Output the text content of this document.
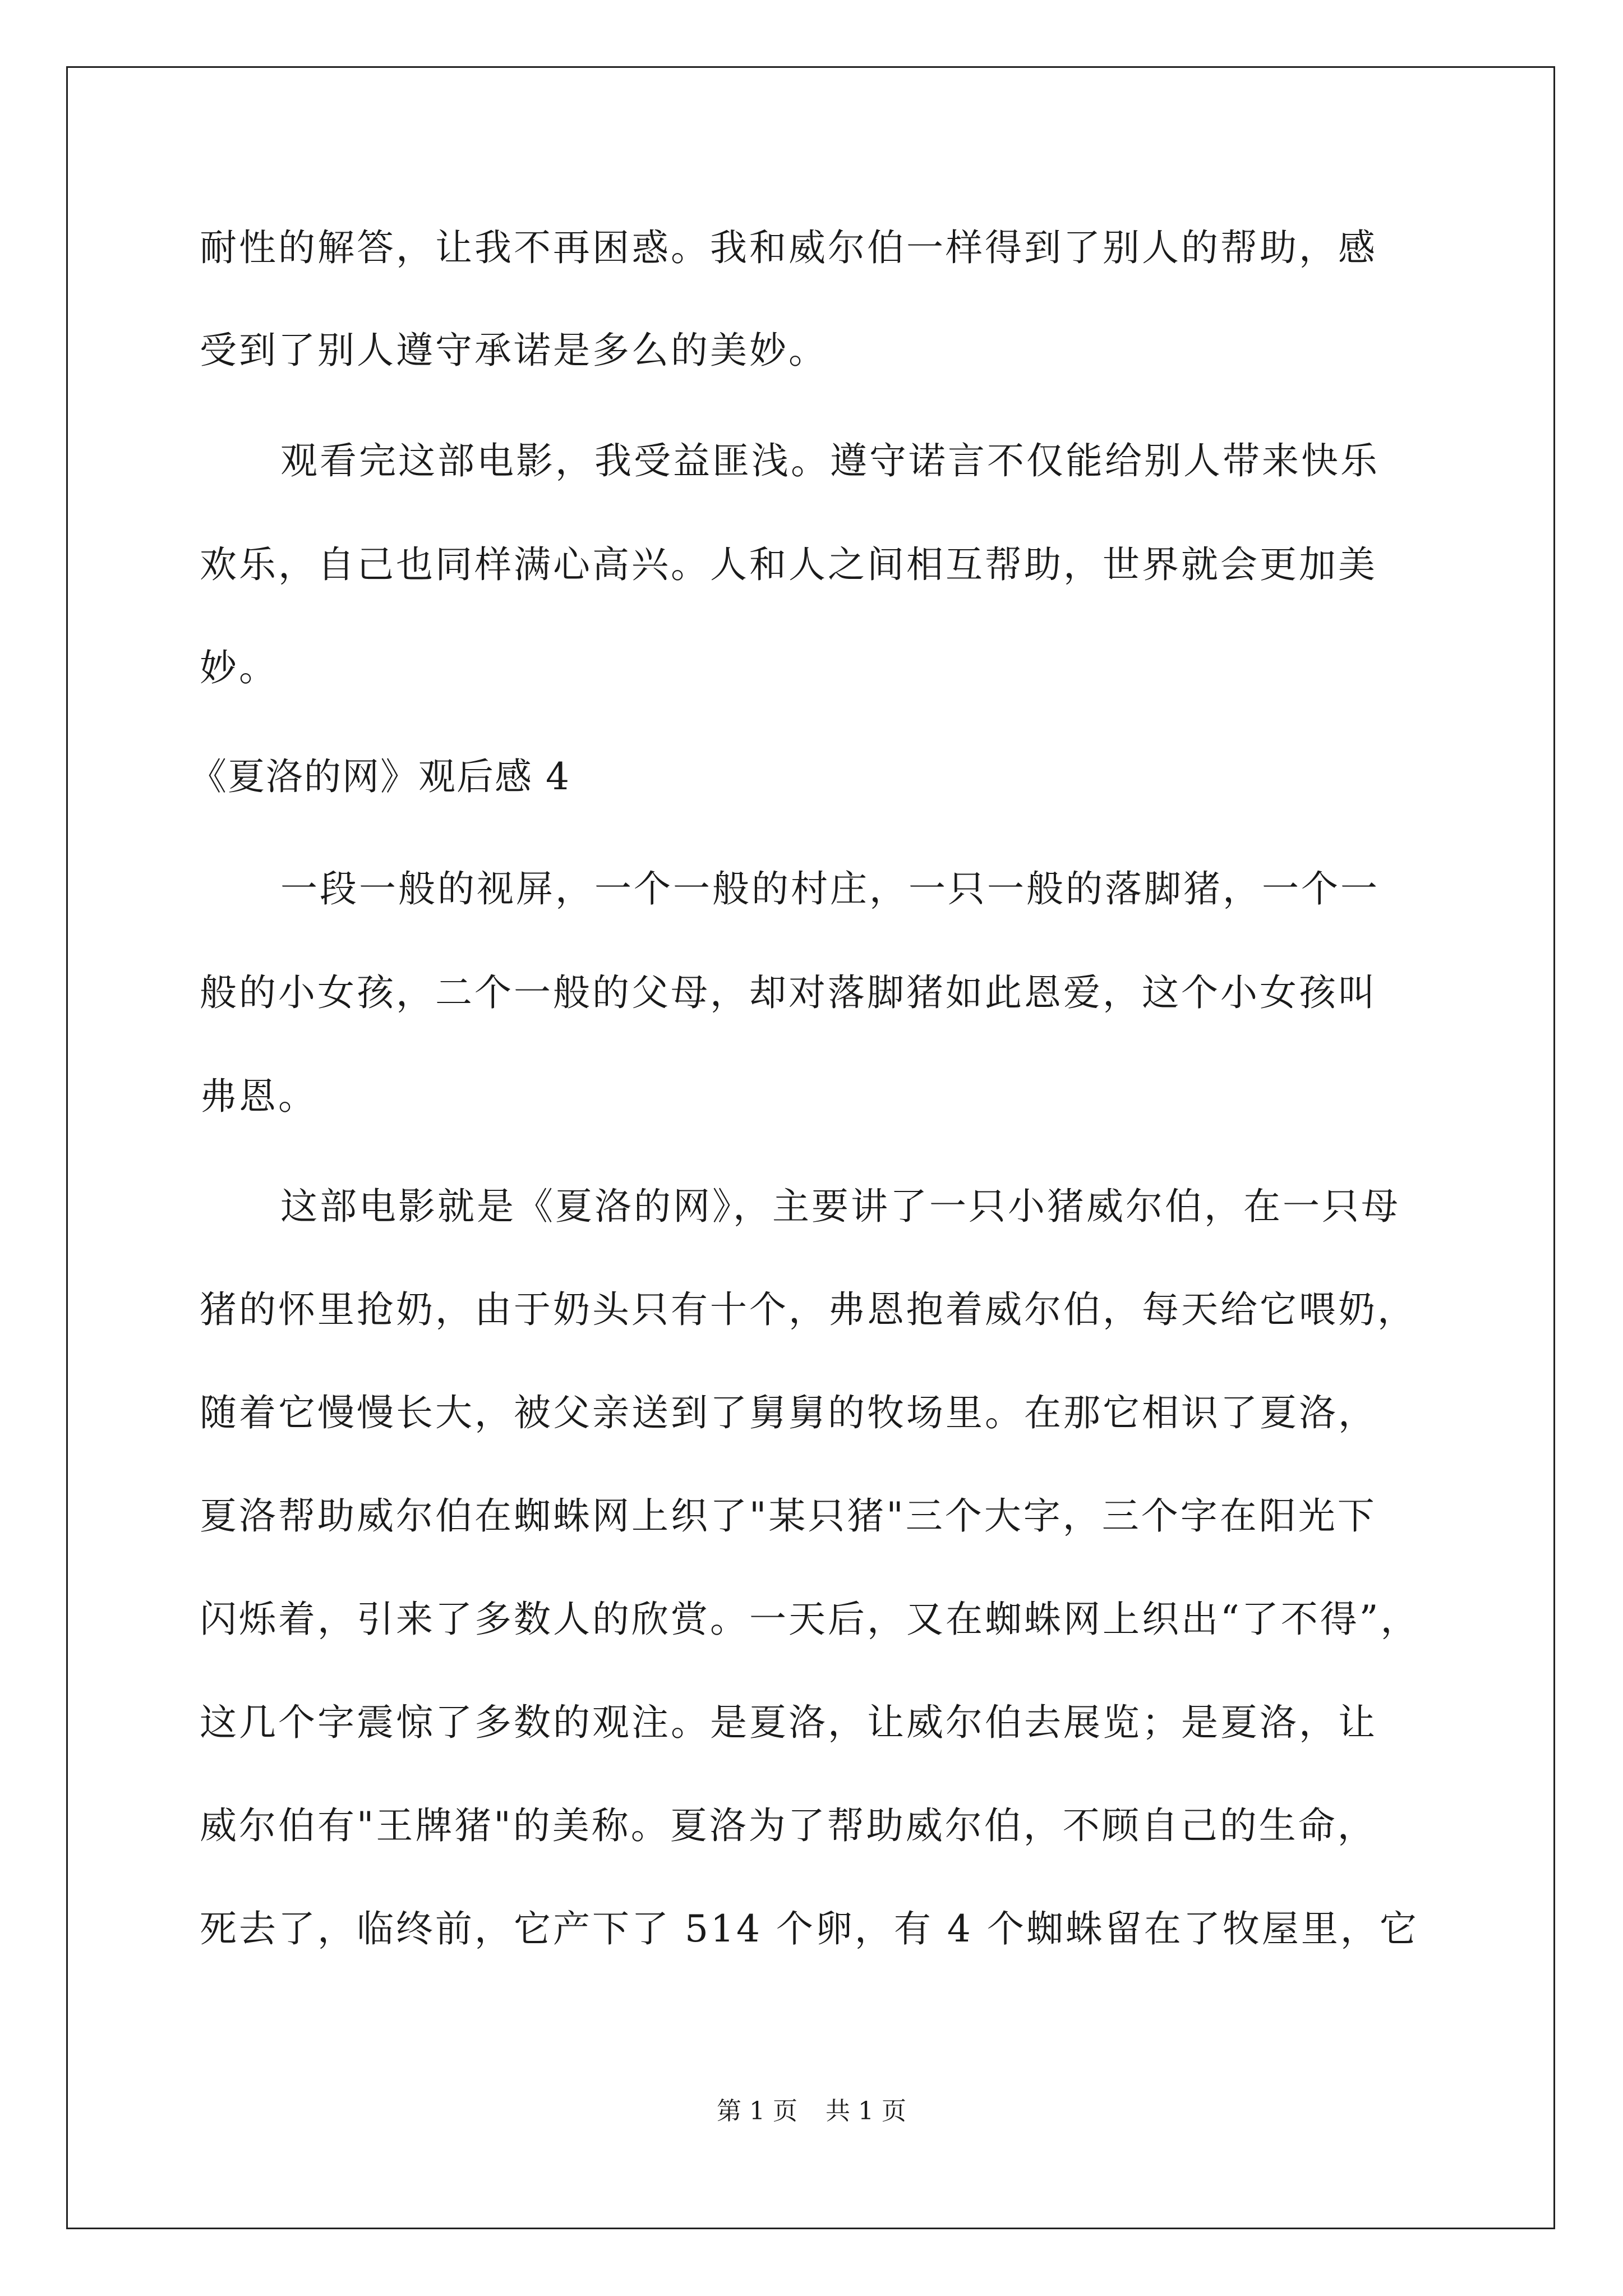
耐性的解答，让我不再困惑。我和威尔伯一样得到了别人的帮助，感
受到了别人遵守承诺是多么的美妙。
观看完这部电影，我受益匪浅。遵守诺言不仅能给别人带来快乐
欢乐，自己也同样满心高兴。人和人之间相互帮助，世界就会更加美
妙。
《夏洛的网》观后感 4
一段一般的视屏，一个一般的村庄，一只一般的落脚猪，一个一
般的小女孩，二个一般的父母，却对落脚猪如此恩爱，这个小女孩叫
弗恩。
这部电影就是《夏洛的网》，主要讲了一只小猪威尔伯，在一只母
猪的怀里抢奶，由于奶头只有十个，弗恩抱着威尔伯，每天给它喂奶，
随着它慢慢长大，被父亲送到了舅舅的牧场里。在那它相识了夏洛，
夏洛帮助威尔伯在蜘蛛网上织了"某只猪"三个大字，三个字在阳光下
闪烁着，引来了多数人的欣赏。一天后，又在蜘蛛网上织出“了不得”，
这几个字震惊了多数的观注。是夏洛，让威尔伯去展览；是夏洛，让
威尔伯有"王牌猪"的美称。夏洛为了帮助威尔伯，不顾自己的生命，
死去了，临终前，它产下了 514 个卵，有 4 个蜘蛛留在了牧屋里，它
第 1 页 共 1 页
